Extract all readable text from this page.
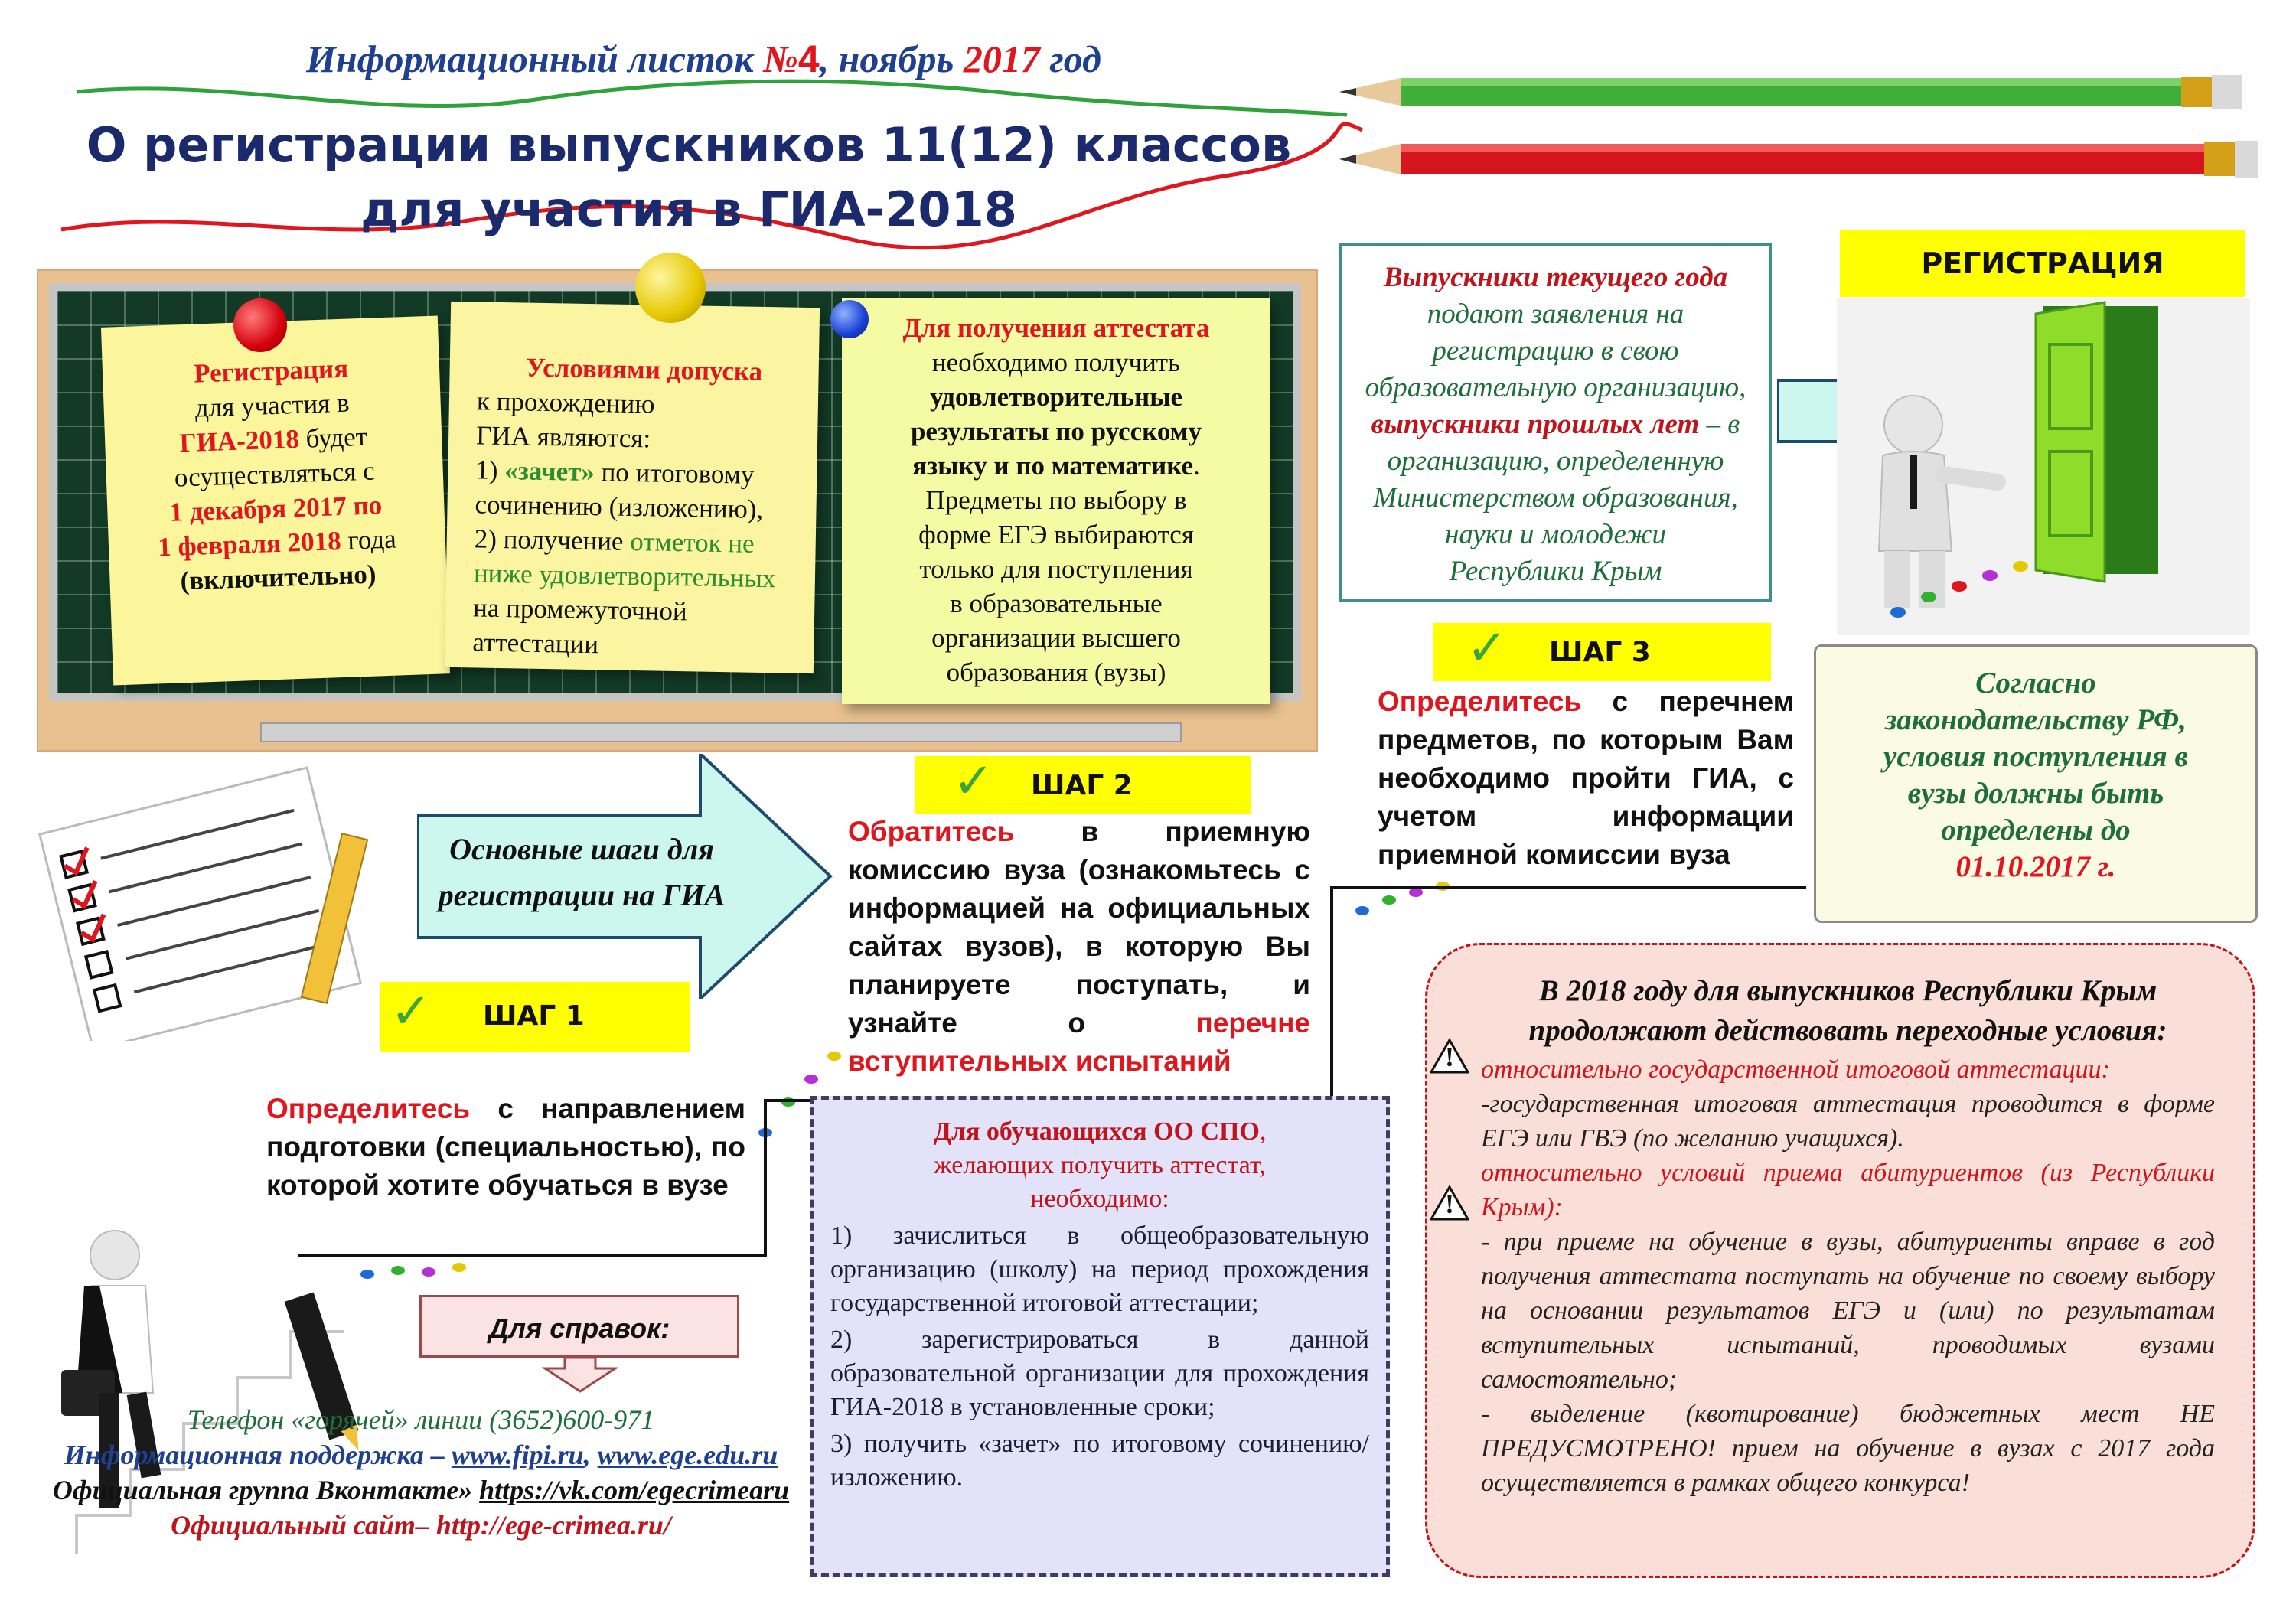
Информационный листок №4, ноябрь 2017 год
О регистрации выпускников 11(12) классов
для участия в ГИА-2018
Регистрация
для участия в
ГИА-2018 будет
осуществляться с
1 декабря 2017 по
1 февраля 2018 года
(включительно)
Условиями допуска
к прохождению
ГИА являются:
1) «зачет» по итоговому
сочинению (изложению),
2) получение отметок не
ниже удовлетворительных
на промежуточной
аттестации
Для получения аттестата
необходимо получить
удовлетворительные
результаты по русскому
языку и по математике.
Предметы по выбору в
форме ЕГЭ выбираются
только для поступления
в образовательные
организации высшего
образования (вузы)
Выпускники текущего года
подают заявления на
регистрацию в свою
образовательную организацию,
выпускники прошлых лет – в
организацию, определенную
Министерством образования,
науки и молодежи
Республики Крым
РЕГИСТРАЦИЯ
Основные шаги для
регистрации на ГИА
✓ ШАГ 1
Определитесь с направлением подготовки (специальностью), по которой хотите обучаться в вузе
✓ ШАГ 2
Обратитесь в приемную комиссию вуза (ознакомьтесь с информацией на официальных сайтах вузов), в которую Вы планируете поступать, и узнайте о перечне вступительных испытаний
✓ ШАГ 3
Определитесь с перечнем предметов, по которым Вам необходимо пройти ГИА, с учетом информации приемной комиссии вуза
Согласно
законодательству РФ,
условия поступления в
вузы должны быть
определены до
01.10.2017 г.
Для обучающихся ОО СПО,
желающих получить аттестат,
необходимо:
1) зачислиться в общеобразовательную организацию (школу) на период прохождения государственной итоговой аттестации;
2) зарегистрироваться в данной образовательной организации для прохождения ГИА-2018 в установленные сроки;
3) получить «зачет» по итоговому сочинению/изложению.
В 2018 году для выпускников Республики Крым
продолжают действовать переходные условия:

относительно государственной итоговой аттестации:

-государственная итоговая аттестация проводится в форме ЕГЭ или ГВЭ (по желанию учащихся).

относительно условий приема абитуриентов (из Республики Крым):

- при приеме на обучение в вузы, абитуриенты вправе в год получения аттестата поступать на обучение по своему выбору на основании результатов ЕГЭ и (или) по результатам вступительных испытаний, проводимых вузами самостоятельно;

- выделение (квотирование) бюджетных мест НЕ ПРЕДУСМОТРЕНО! прием на обучение в вузах с 2017 года осуществляется в рамках общего конкурса!

!
!
Для справок:
Телефон «горячей» линии (3652)600-971
Информационная поддержка – www.fipi.ru, www.ege.edu.ru
Официальная группа Вконтакте» https://vk.com/egecrimearu
Официальный сайт– http://ege-crimea.ru/
